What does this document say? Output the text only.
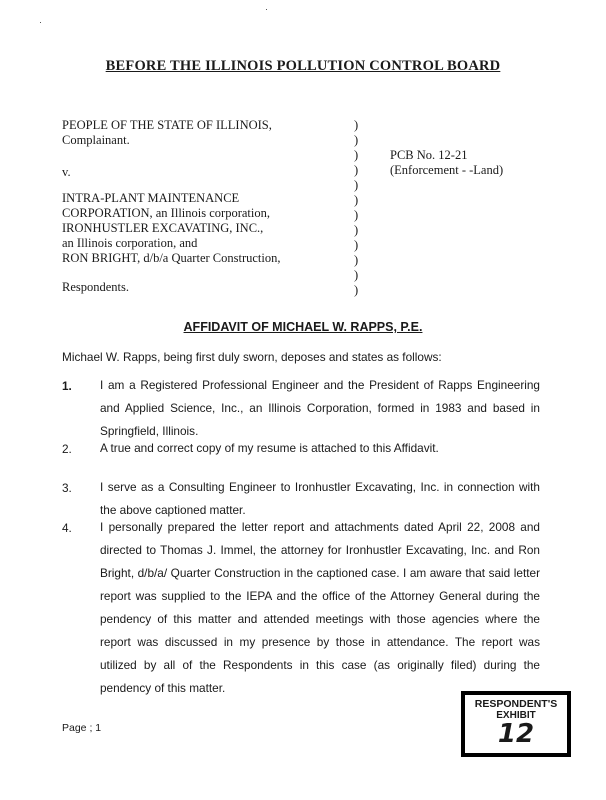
BEFORE THE ILLINOIS POLLUTION CONTROL BOARD
PEOPLE OF THE STATE OF ILLINOIS,
Complainant.
v.
INTRA-PLANT MAINTENANCE
CORPORATION, an Illinois corporation,
IRONHUSTLER EXCAVATING, INC.,
an Illinois corporation, and
RON BRIGHT, d/b/a Quarter Construction,
Respondents.
)
)
)
)
)
)
)
)
)
)
)
)
PCB No. 12-21
(Enforcement - -Land)
AFFIDAVIT OF MICHAEL W. RAPPS, P.E.
Michael W. Rapps, being first duly sworn, deposes and states as follows:
1. I am a Registered Professional Engineer and the President of Rapps Engineering and Applied Science, Inc., an Illinois Corporation, formed in 1983 and based in Springfield, Illinois.
2. A true and correct copy of my resume is attached to this Affidavit.
3. I serve as a Consulting Engineer to Ironhustler Excavating, Inc. in connection with the above captioned matter.
4. I personally prepared the letter report and attachments dated April 22, 2008 and directed to Thomas J. Immel, the attorney for Ironhustler Excavating, Inc. and Ron Bright, d/b/a/ Quarter Construction in the captioned case. I am aware that said letter report was supplied to the IEPA and the office of the Attorney General during the pendency of this matter and attended meetings with those agencies where the report was discussed in my presence by those in attendance. The report was utilized by all of the Respondents in this case (as originally filed) during the pendency of this matter.
Page ; 1
RESPONDENT'S
EXHIBIT
12
